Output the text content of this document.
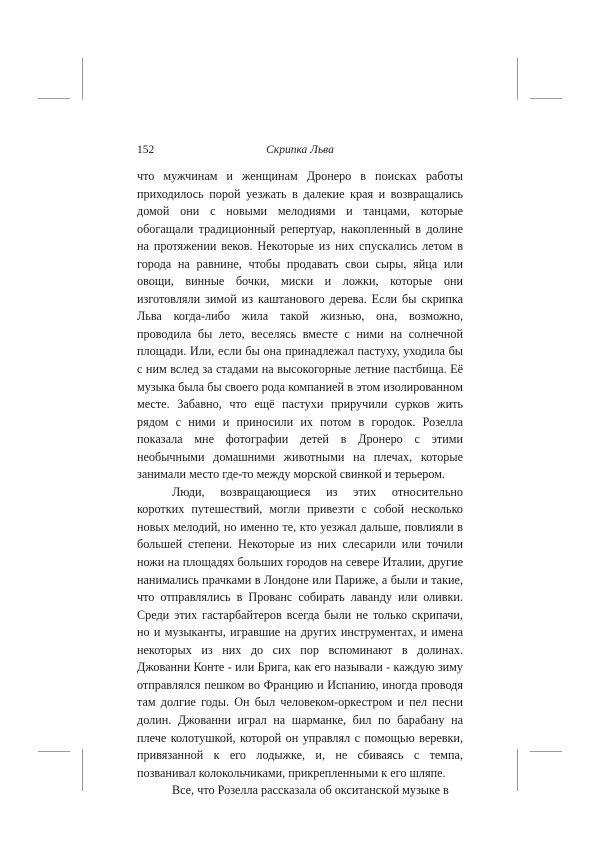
152	Скрипка Льва

что мужчинам и женщинам Дронеро в поисках работы приходилось порой уезжать в далекие края и возвращались домой они с новыми мелодиями и танцами, которые обогащали традиционный репертуар, накопленный в долине на протяжении веков. Некоторые из них спускались летом в города на равнине, чтобы продавать свои сыры, яйца или овощи, винные бочки, миски и ложки, которые они изготовляли зимой из каштанового дерева. Если бы скрипка Льва когда-либо жила такой жизнью, она, возможно, проводила бы лето, веселясь вместе с ними на солнечной площади. Или, если бы она принадлежал пастуху, уходила бы с ним вслед за стадами на высокогорные летние пастбища. Её музыка была бы своего рода компанией в этом изолированном месте. Забавно, что ещё пастухи приручили сурков жить рядом с ними и приносили их потом в городок. Розелла показала мне фотографии детей в Дронеро с этими необычными домашними животными на плечах, которые занимали место где-то между морской свинкой и терьером.

Люди, возвращающиеся из этих относительно коротких путешествий, могли привезти с собой несколько новых мелодий, но именно те, кто уезжал дальше, повлияли в большей степени. Некоторые из них слесарили или точили ножи на площадях больших городов на севере Италии, другие нанимались прачками в Лондоне или Париже, а были и такие, что отправлялись в Прованс собирать лаванду или оливки. Среди этих гастарбайтеров всегда были не только скрипачи, но и музыканты, игравшие на других инструментах, и имена некоторых из них до сих пор вспоминают в долинах. Джованни Конте - или Брига, как его называли - каждую зиму отправлялся пешком во Францию и Испанию, иногда проводя там долгие годы. Он был человеком-оркестром и пел песни долин. Джованни играл на шарманке, бил по барабану на плече колотушкой, которой он управлял с помощью веревки, привязанной к его лодыжке, и, не сбиваясь с темпа, позванивал колокольчиками, прикрепленными к его шляпе.

Все, что Розелла рассказала об окситанской музыке в
